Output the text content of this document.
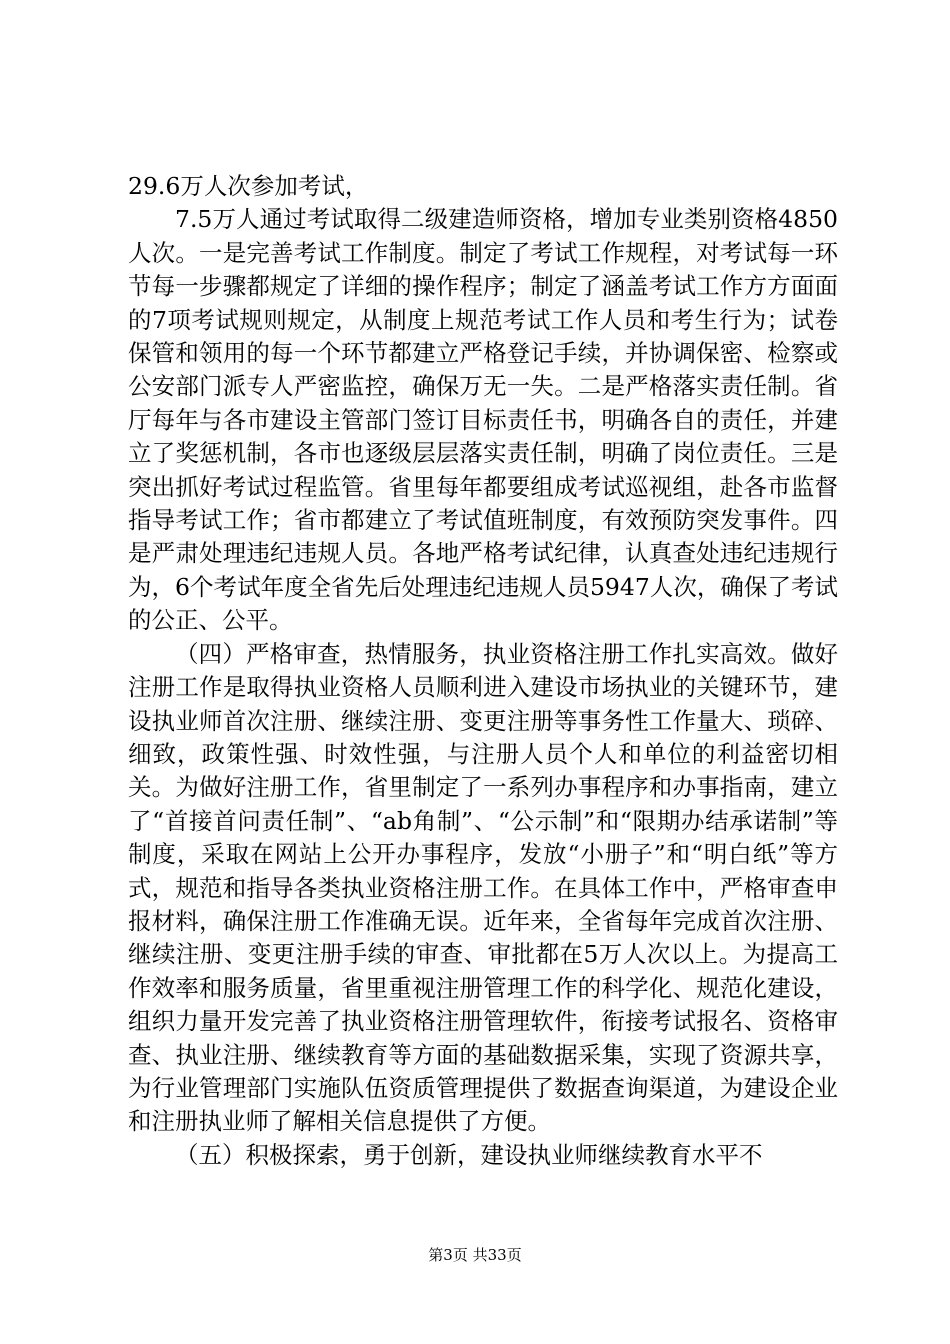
29.6万人次参加考试，

7.5万人通过考试取得二级建造师资格，增加专业类别资格4850人次。一是完善考试工作制度。制定了考试工作规程，对考试每一环节每一步骤都规定了详细的操作程序；制定了涵盖考试工作方方面面的7项考试规则规定，从制度上规范考试工作人员和考生行为；试卷保管和领用的每一个环节都建立严格登记手续，并协调保密、检察或公安部门派专人严密监控，确保万无一失。二是严格落实责任制。省厅每年与各市建设主管部门签订目标责任书，明确各自的责任，并建立了奖惩机制，各市也逐级层层落实责任制，明确了岗位责任。三是突出抓好考试过程监管。省里每年都要组成考试巡视组，赴各市监督指导考试工作；省市都建立了考试值班制度，有效预防突发事件。四是严肃处理违纪违规人员。各地严格考试纪律，认真查处违纪违规行为，6个考试年度全省先后处理违纪违规人员5947人次，确保了考试的公正、公平。

（四）严格审查，热情服务，执业资格注册工作扎实高效。做好注册工作是取得执业资格人员顺利进入建设市场执业的关键环节，建设执业师首次注册、继续注册、变更注册等事务性工作量大、琐碎、细致，政策性强、时效性强，与注册人员个人和单位的利益密切相关。为做好注册工作，省里制定了一系列办事程序和办事指南，建立了“首接首问责任制”、“ab角制”、“公示制”和“限期办结承诺制”等制度，采取在网站上公开办事程序，发放“小册子”和“明白纸”等方式，规范和指导各类执业资格注册工作。在具体工作中，严格审查申报材料，确保注册工作准确无误。近年来，全省每年完成首次注册、继续注册、变更注册手续的审查、审批都在5万人次以上。为提高工作效率和服务质量，省里重视注册管理工作的科学化、规范化建设，组织力量开发完善了执业资格注册管理软件，衔接考试报名、资格审查、执业注册、继续教育等方面的基础数据采集，实现了资源共享，为行业管理部门实施队伍资质管理提供了数据查询渠道，为建设企业和注册执业师了解相关信息提供了方便。

（五）积极探索，勇于创新，建设执业师继续教育水平不

第3页 共33页
